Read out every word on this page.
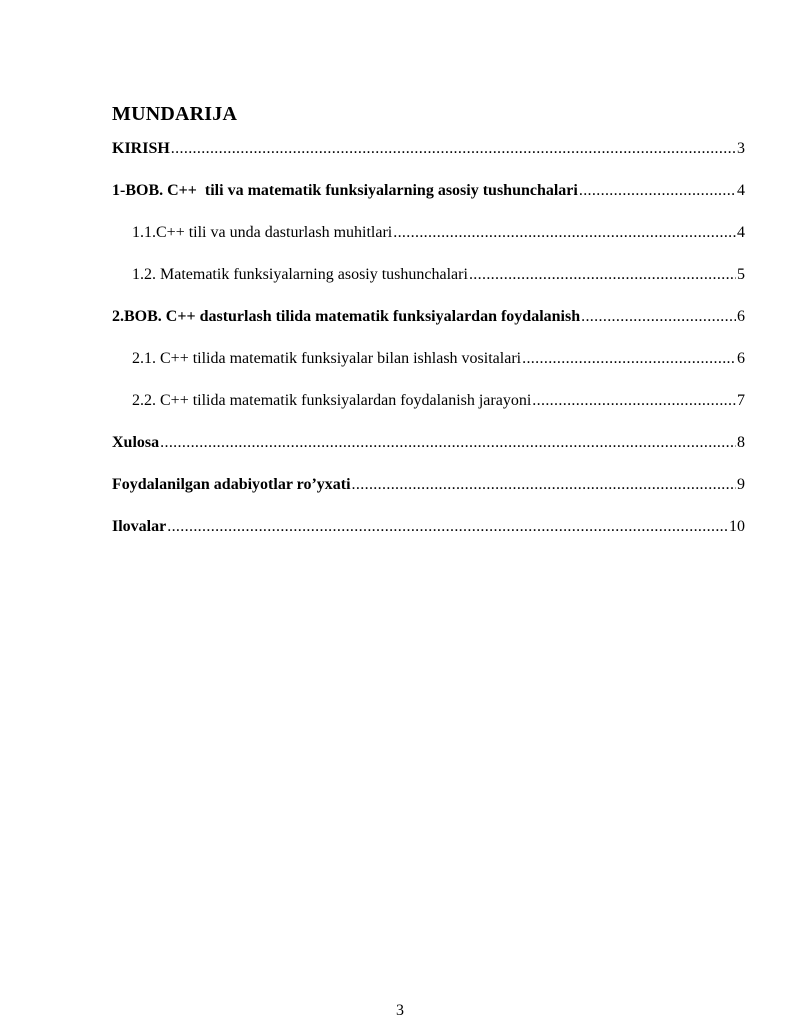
MUNDARIJA
KIRISH .....	3
1-BOB. C++  tili va matematik funksiyalarning asosiy tushunchalari .....	4
1.1.C++ tili va unda dasturlash muhitlari .....	4
1.2. Matematik funksiyalarning asosiy tushunchalari .....	5
2.BOB. C++ dasturlash tilida matematik funksiyalardan foydalanish .....	6
2.1. C++ tilida matematik funksiyalar bilan ishlash vositalari .....	6
2.2. C++ tilida matematik funksiyalardan foydalanish jarayoni .....	7
Xulosa .....	8
Foydalanilgan adabiyotlar ro’yxati .....	9
Ilovalar .....	10
3
